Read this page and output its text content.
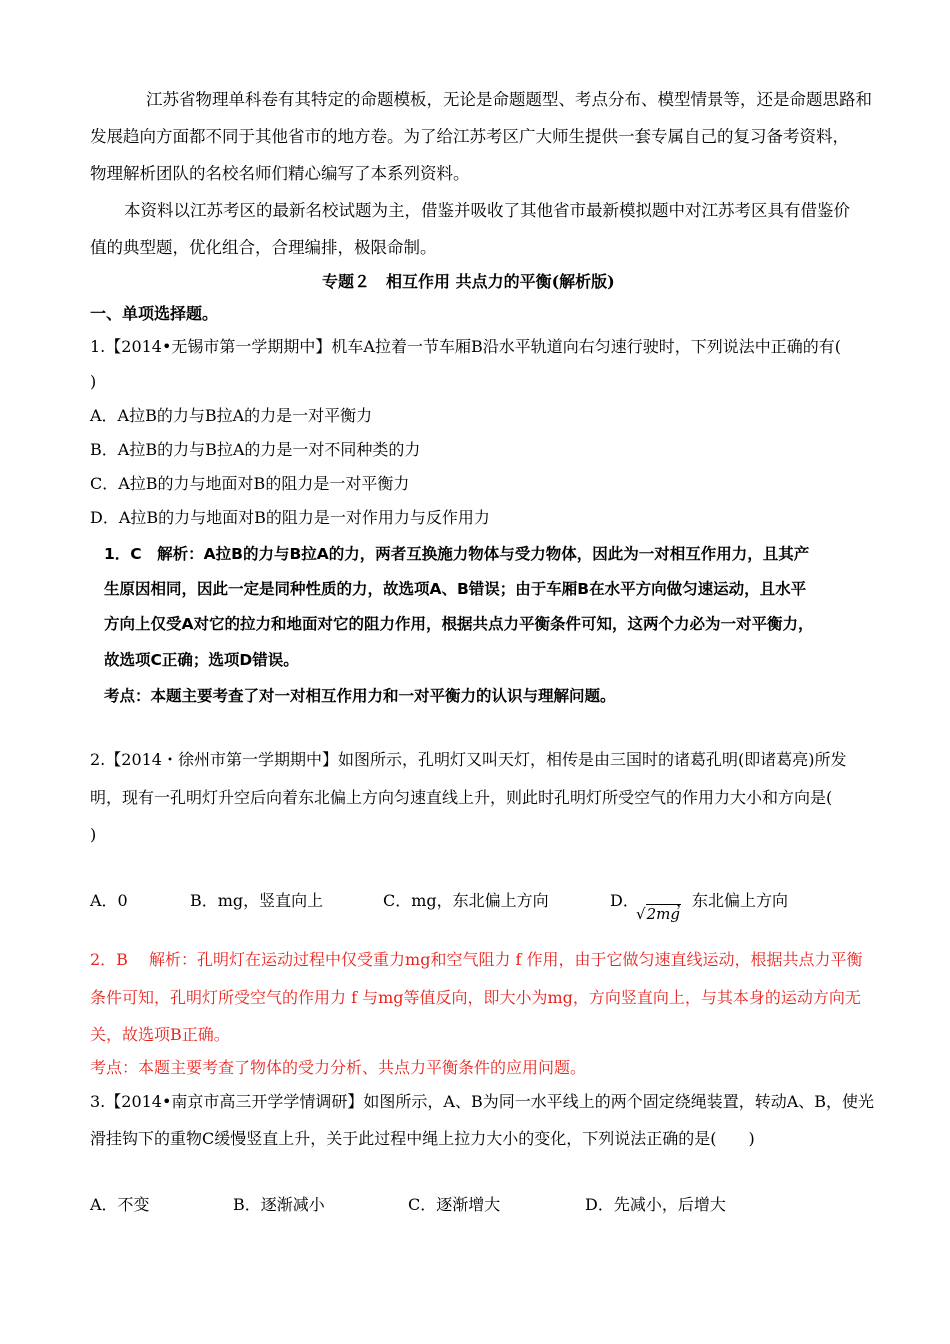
江苏省物理单科卷有其特定的命题模板，无论是命题题型、考点分布、模型情景等，还是命题思路和
发展趋向方面都不同于其他省市的地方卷。为了给江苏考区广大师生提供一套专属自己的复习备考资料，
物理解析团队的名校名师们精心编写了本系列资料。
本资料以江苏考区的最新名校试题为主，借鉴并吸收了其他省市最新模拟题中对江苏考区具有借鉴价
值的典型题，优化组合，合理编排，极限命制。
专题２　相互作用 共点力的平衡(解析版)
一、单项选择题。
1.【2014•无锡市第一学期期中】机车A拉着一节车厢B沿水平轨道向右匀速行驶时，下列说法中正确的有(
)
A．A拉B的力与B拉A的力是一对平衡力
B．A拉B的力与B拉A的力是一对不同种类的力
C．A拉B的力与地面对B的阻力是一对平衡力
D．A拉B的力与地面对B的阻力是一对作用力与反作用力
1．C　解析：A拉B的力与B拉A的力，两者互换施力物体与受力物体，因此为一对相互作用力，且其产
生原因相同，因此一定是同种性质的力，故选项A、B错误；由于车厢B在水平方向做匀速运动，且水平
方向上仅受A对它的拉力和地面对它的阻力作用，根据共点力平衡条件可知，这两个力必为一对平衡力，
故选项C正确；选项D错误。
考点：本题主要考查了对一对相互作用力和一对平衡力的认识与理解问题。
2.【2014・徐州市第一学期期中】如图所示，孔明灯又叫天灯，相传是由三国时的诸葛孔明(即诸葛亮)所发
明，现有一孔明灯升空后向着东北偏上方向匀速直线上升，则此时孔明灯所受空气的作用力大小和方向是(
)
A．0	B．mg，竖直向上	C．mg，东北偏上方向	D．
√2mg
，东北偏上方向
2．B　 解析：孔明灯在运动过程中仅受重力mg和空气阻力 f 作用，由于它做匀速直线运动，根据共点力平衡
条件可知，孔明灯所受空气的作用力 f 与mg等值反向，即大小为mg，方向竖直向上，与其本身的运动方向无
关，故选项B正确。
考点：本题主要考查了物体的受力分析、共点力平衡条件的应用问题。
3.【2014•南京市高三开学学情调研】如图所示，A、B为同一水平线上的两个固定绕绳装置，转动A、B，使光
滑挂钩下的重物C缓慢竖直上升，关于此过程中绳上拉力大小的变化，下列说法正确的是(　　)
A．不变	B．逐渐减小	C．逐渐增大	D．先减小，后增大
